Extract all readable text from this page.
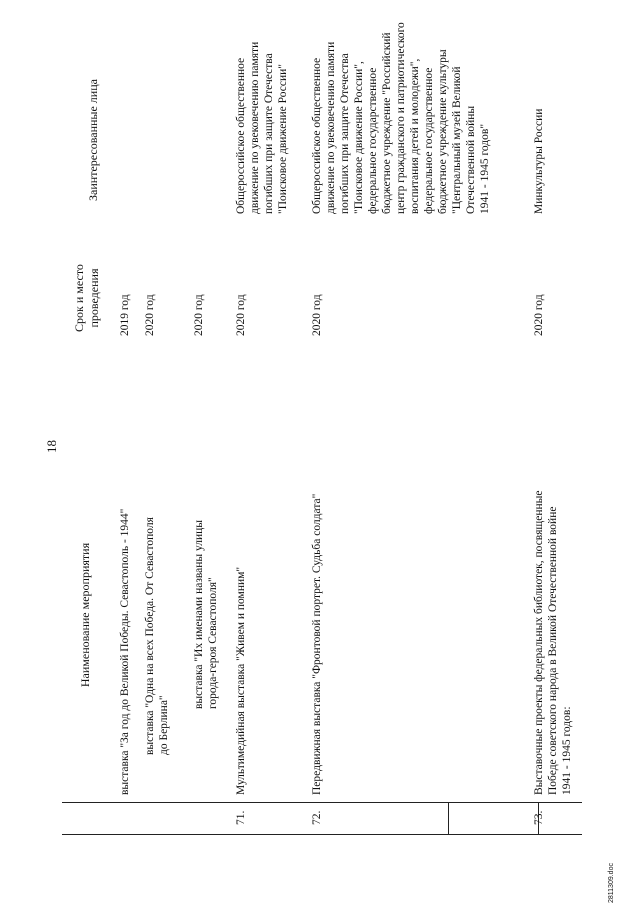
18
Наименование мероприятия
Срок и место проведения
Заинтересованные лица
выставка "За год до Великой Победы. Севастополь - 1944"
2019 год
выставка "Одна на всех Победа. От Севастополя до Берлина"
2020 год
выставка "Их именами названы улицы города-героя Севастополя"
2020 год
71.
Мультимедийная выставка "Живем и помним"
2020 год
Общероссийское общественное движение по увековечению памяти погибших при защите Отечества "Поисковое движение России"
72.
Передвижная выставка "Фронтовой портрет. Судьба солдата"
2020 год
Общероссийское общественное движение по увековечению памяти погибших при защите Отечества "Поисковое движение России", федеральное государственное бюджетное учреждение "Российский центр гражданского и патриотического воспитания детей и молодежи", федеральное государственное бюджетное учреждение культуры "Центральный музей Великой Отечественной войны 1941 - 1945 годов"
73.
Выставочные проекты федеральных библиотек, посвященные Победе советского народа в Великой Отечественной войне 1941 - 1945 годов:
2020 год
Минкультуры России
2811309.doc
